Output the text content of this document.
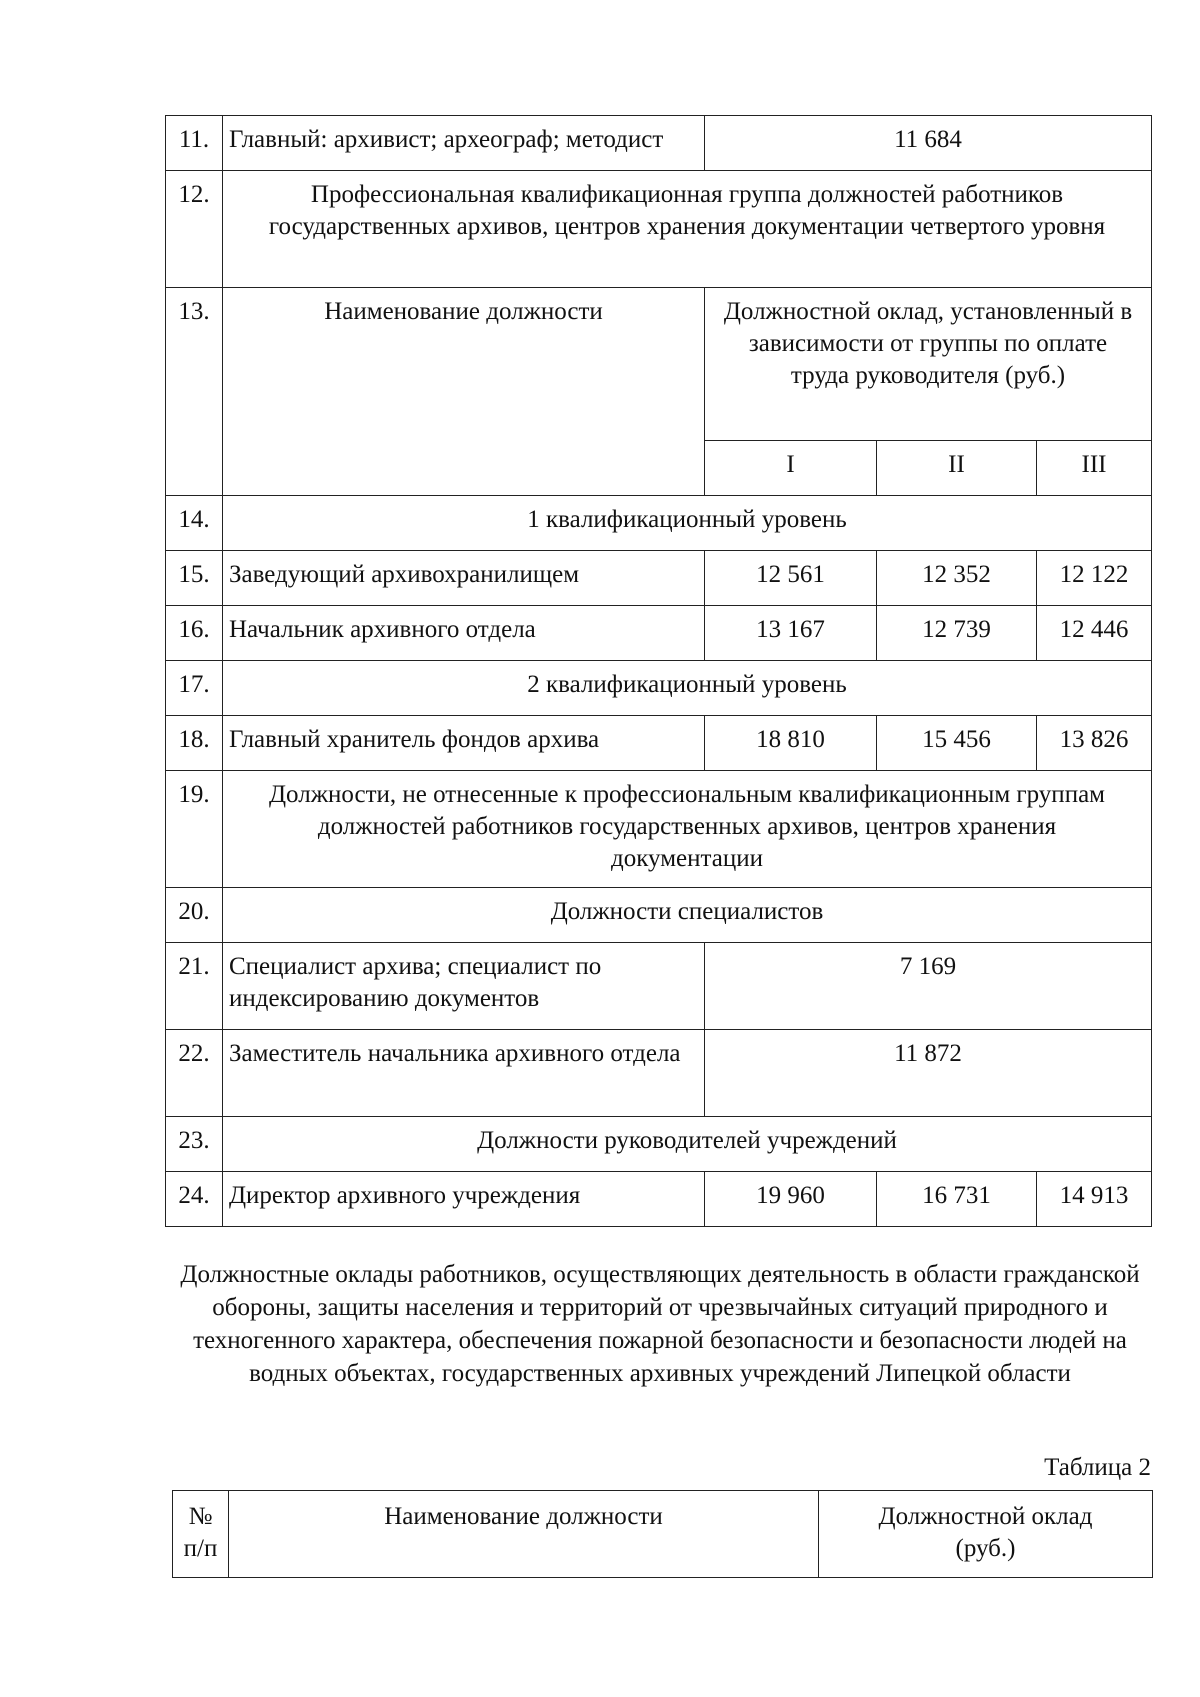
11.	Главный: архивист; археограф; методист	11 684		
12.	Профессиональная квалификационная группа должностей работников государственных архивов, центров хранения документации четвертого уровня			
13.	Наименование должности	Должностной оклад, установленный в зависимости от группы по оплате труда руководителя (руб.)		
		I	II	III
14.	1 квалификационный уровень			
15.	Заведующий архивохранилищем	12 561	12 352	12 122
16.	Начальник архивного отдела	13 167	12 739	12 446
17.	2 квалификационный уровень			
18.	Главный хранитель фондов архива	18 810	15 456	13 826
19.	Должности, не отнесенные к профессиональным квалификационным группам должностей работников государственных архивов, центров хранения документации			
20.	Должности специалистов			
21.	Специалист архива; специалист по индексированию документов	7 169		
22.	Заместитель начальника архивного отдела	11 872		
23.	Должности руководителей учреждений			
24.	Директор архивного учреждения	19 960	16 731	14 913

Должностные оклады работников, осуществляющих деятельность в области гражданской обороны, защиты населения и территорий от чрезвычайных ситуаций природного и техногенного характера, обеспечения пожарной безопасности и безопасности людей на водных объектах, государственных архивных учреждений Липецкой области

Таблица 2

№ п/п	Наименование должности	Должностной оклад (руб.)
